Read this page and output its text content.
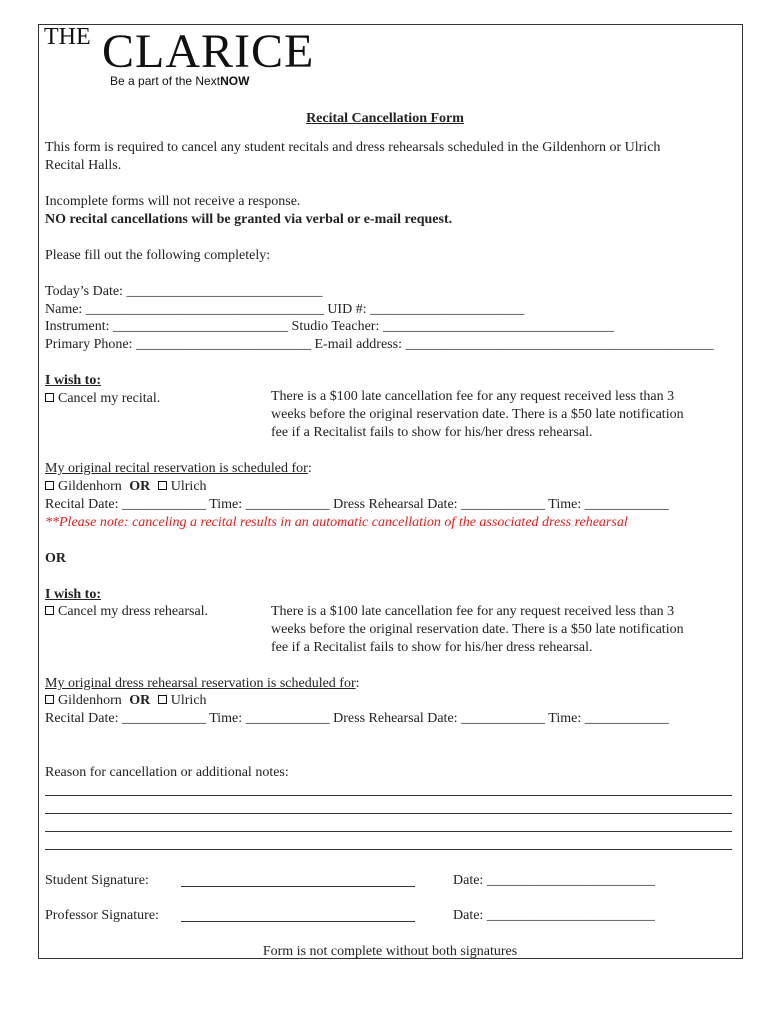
THE CLARICE
Be a part of the NextNOW
Recital Cancellation Form
This form is required to cancel any student recitals and dress rehearsals scheduled in the Gildenhorn or Ulrich
Recital Halls.
Incomplete forms will not receive a response.
NO recital cancellations will be granted via verbal or e-mail request.
Please fill out the following completely:
Today’s Date: ____________________________
Name: __________________________________ UID #: ______________________
Instrument: _________________________ Studio Teacher: _________________________________
Primary Phone: _________________________ E-mail address: ____________________________________________
I wish to:
Cancel my recital.	There is a $100 late cancellation fee for any request received less than 3
weeks before the original reservation date. There is a $50 late notification
fee if a Recitalist fails to show for his/her dress rehearsal.
My original recital reservation is scheduled for:
Gildenhorn OR Ulrich
Recital Date: ____________ Time: ____________ Dress Rehearsal Date: ____________ Time: ____________
**Please note: canceling a recital results in an automatic cancellation of the associated dress rehearsal
OR
I wish to:
Cancel my dress rehearsal.	There is a $100 late cancellation fee for any request received less than 3
weeks before the original reservation date. There is a $50 late notification
fee if a Recitalist fails to show for his/her dress rehearsal.
My original dress rehearsal reservation is scheduled for:
Gildenhorn OR Ulrich
Recital Date: ____________ Time: ____________ Dress Rehearsal Date: ____________ Time: ____________
Reason for cancellation or additional notes:
Student Signature:	Date: ________________________
Professor Signature:	Date: ________________________
Form is not complete without both signatures
